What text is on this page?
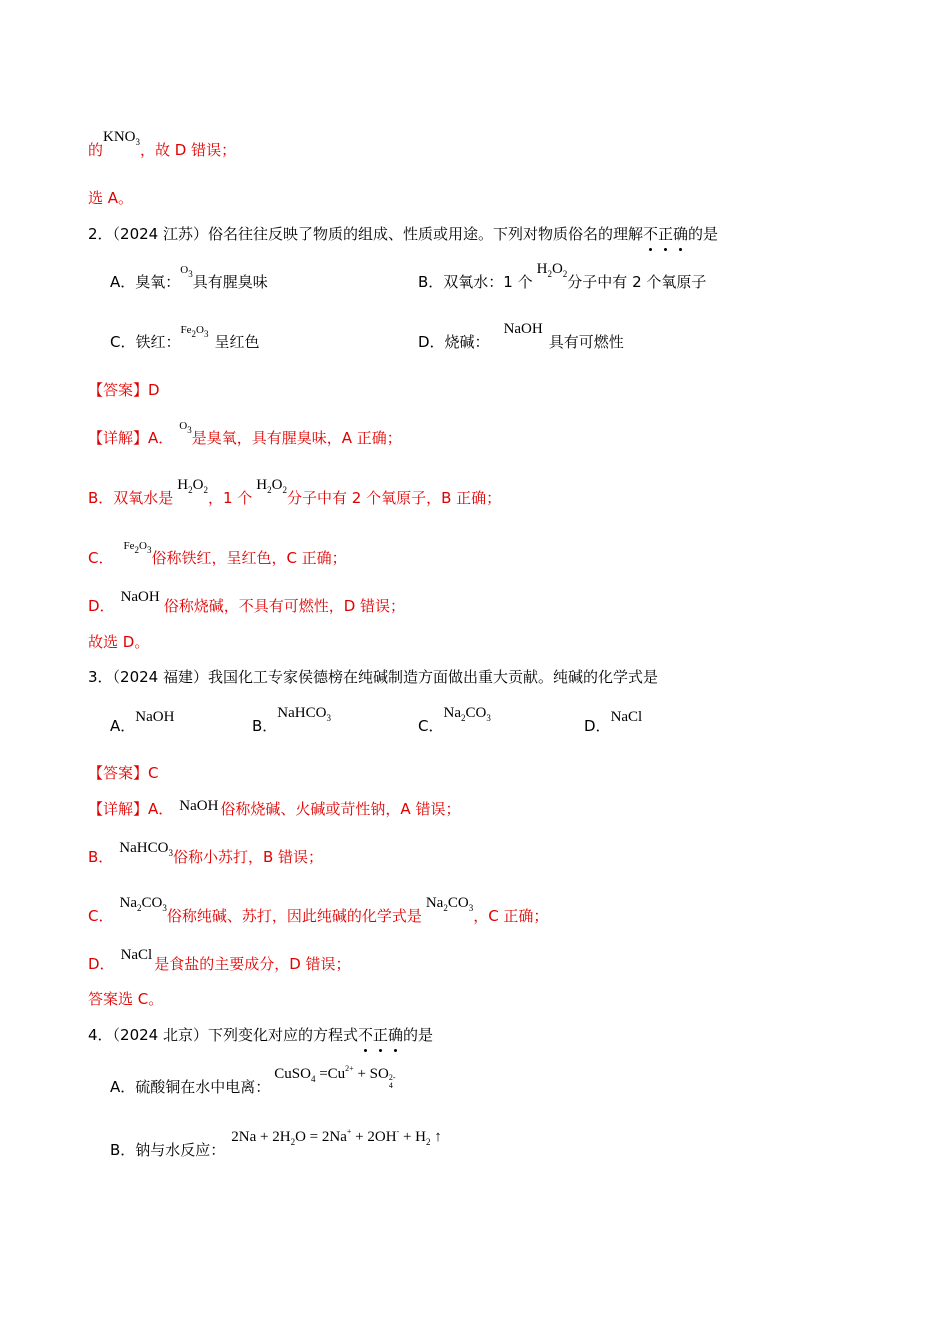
的$KNO_3$，故 D 错误；
选 A。
2．（2024 江苏）俗名往往反映了物质的组成、性质或用途。下列对物质俗名的理解不正确的是
A．臭氧：$O_3$具有腥臭味	B．双氧水：1 个$H_2O_2$分子中有 2 个氧原子
C．铁红：$Fe_2O_3$ 呈红色	D．烧碱：NaOH具有可燃性
【答案】D
【详解】A．$O_3$是臭氧，具有腥臭味，A 正确；
B．双氧水是$H_2O_2$，1 个$H_2O_2$分子中有 2 个氧原子，B 正确；
C．$Fe_2O_3$俗称铁红，呈红色，C 正确；
D． NaOH 俗称烧碱，不具有可燃性，D 错误；
故选 D。
3．（2024 福建）我国化工专家侯德榜在纯碱制造方面做出重大贡献。纯碱的化学式是
A．NaOH	B．NaHCO$_3$	C．$Na_2CO_3$	D．NaCl
【答案】C
【详解】A． NaOH 俗称烧碱、火碱或苛性钠，A 错误；
B． NaHCO$_3$俗称小苏打，B 错误；
C．$Na_2CO_3$俗称纯碱、苏打，因此纯碱的化学式是$Na_2CO_3$，C 正确；
D． NaCl 是食盐的主要成分，D 错误；
答案选 C。
4．（2024 北京）下列变化对应的方程式不正确的是
A．硫酸铜在水中电离：CuSO$_4$ $=Cu^{2+}$ + SO 2-
4
B．钠与水反应：$2Na + 2H_2O = 2Na^+ + 2OH^- + H_2$ ↑
